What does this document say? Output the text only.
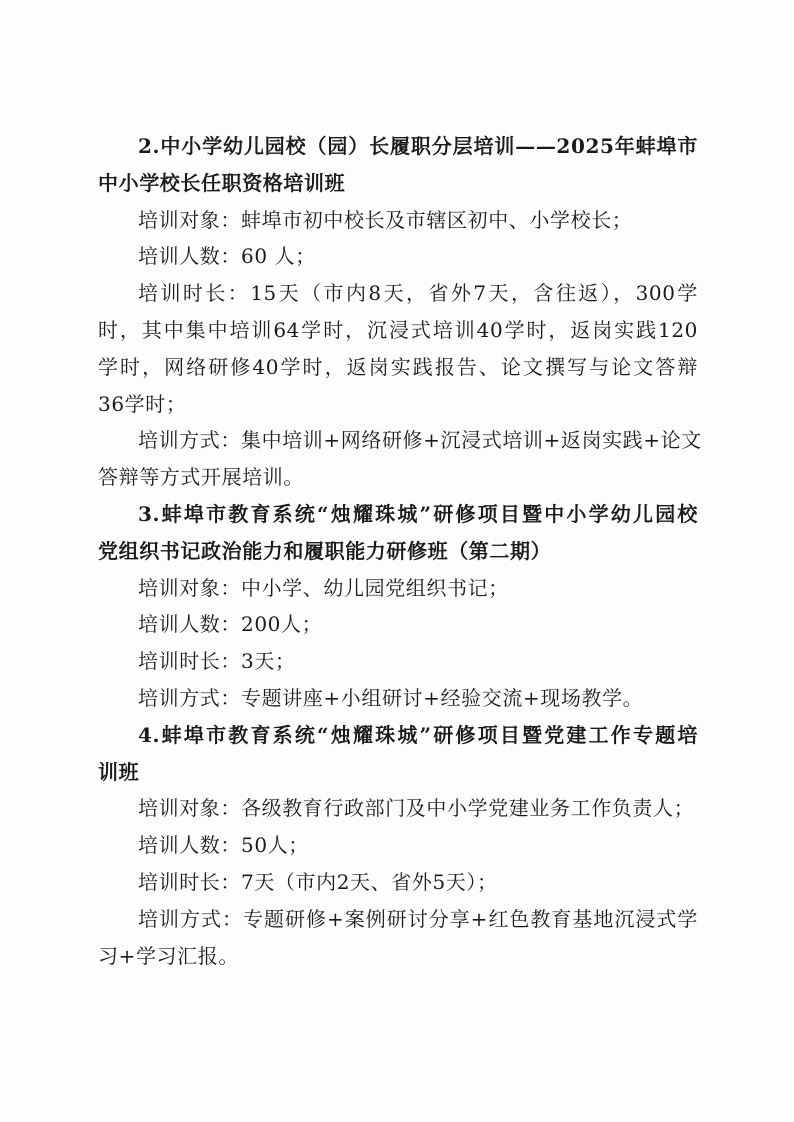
2.中小学幼儿园校（园）长履职分层培训——2025年蚌埠市
中小学校长任职资格培训班
培训对象：蚌埠市初中校长及市辖区初中、小学校长；
培训人数：60 人；
培训时长：15天（市内8天，省外7天，含往返），300学
时，其中集中培训64学时，沉浸式培训40学时，返岗实践120
学时，网络研修40学时，返岗实践报告、论文撰写与论文答辩
36学时；
培训方式：集中培训+网络研修+沉浸式培训+返岗实践+论文
答辩等方式开展培训。
3.蚌埠市教育系统“烛耀珠城”研修项目暨中小学幼儿园校
党组织书记政治能力和履职能力研修班（第二期）
培训对象：中小学、幼儿园党组织书记；
培训人数：200人；
培训时长：3天；
培训方式：专题讲座+小组研讨+经验交流+现场教学。
4.蚌埠市教育系统“烛耀珠城”研修项目暨党建工作专题培
训班
培训对象：各级教育行政部门及中小学党建业务工作负责人；
培训人数：50人；
培训时长：7天（市内2天、省外5天）；
培训方式：专题研修+案例研讨分享+红色教育基地沉浸式学
习+学习汇报。
